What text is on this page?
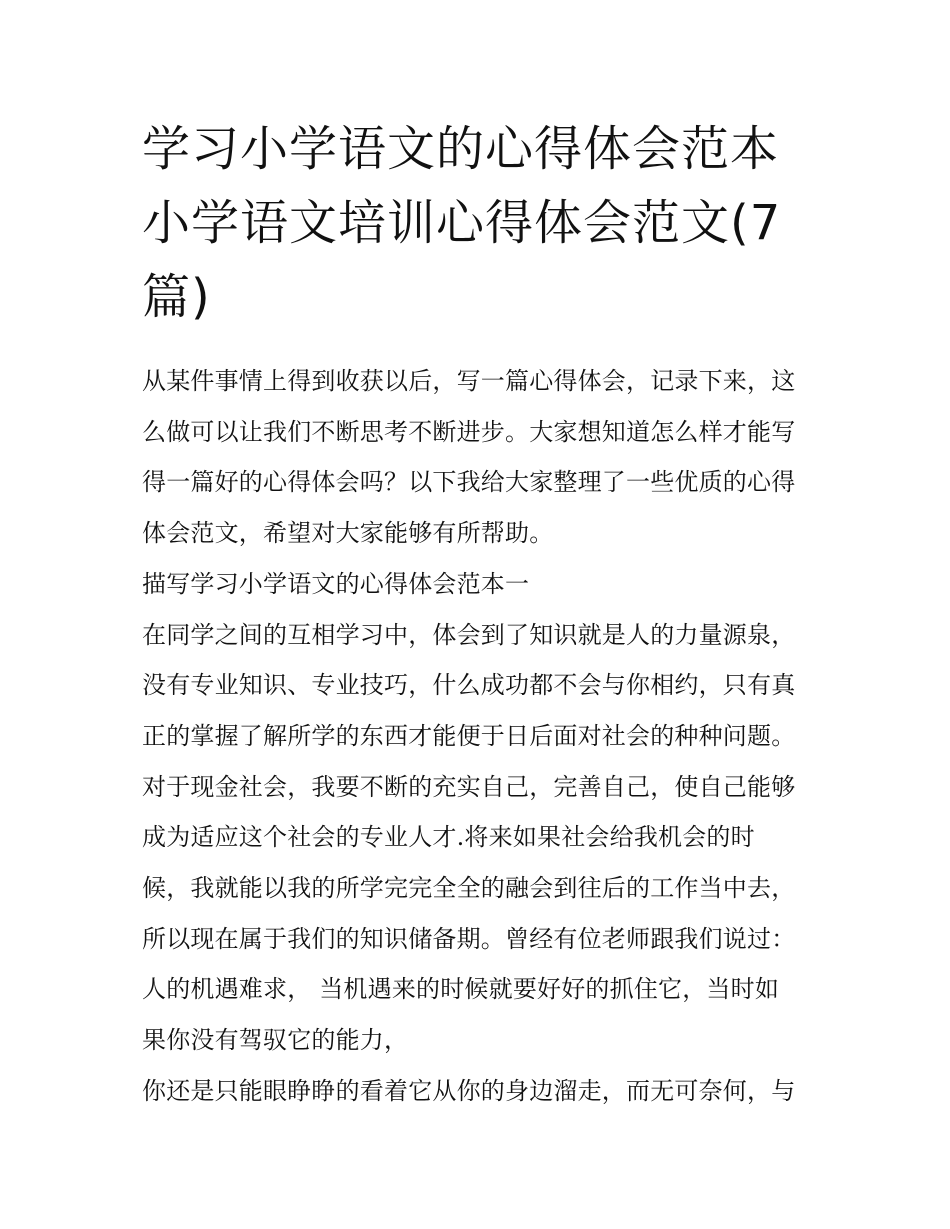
学习小学语文的心得体会范本
小学语文培训心得体会范文(7
篇)
从某件事情上得到收获以后，写一篇心得体会，记录下来，这
么做可以让我们不断思考不断进步。大家想知道怎么样才能写
得一篇好的心得体会吗？以下我给大家整理了一些优质的心得
体会范文，希望对大家能够有所帮助。
描写学习小学语文的心得体会范本一
在同学之间的互相学习中，体会到了知识就是人的力量源泉，
没有专业知识、专业技巧，什么成功都不会与你相约，只有真
正的掌握了解所学的东西才能便于日后面对社会的种种问题。
对于现金社会，我要不断的充实自己，完善自己，使自己能够
成为适应这个社会的专业人才.将来如果社会给我机会的时
候，我就能以我的所学完完全全的融会到往后的工作当中去，
所以现在属于我们的知识储备期。曾经有位老师跟我们说过：
人的机遇难求， 当机遇来的时候就要好好的抓住它，当时如
果你没有驾驭它的能力，
你还是只能眼睁睁的看着它从你的身边溜走，而无可奈何，与
